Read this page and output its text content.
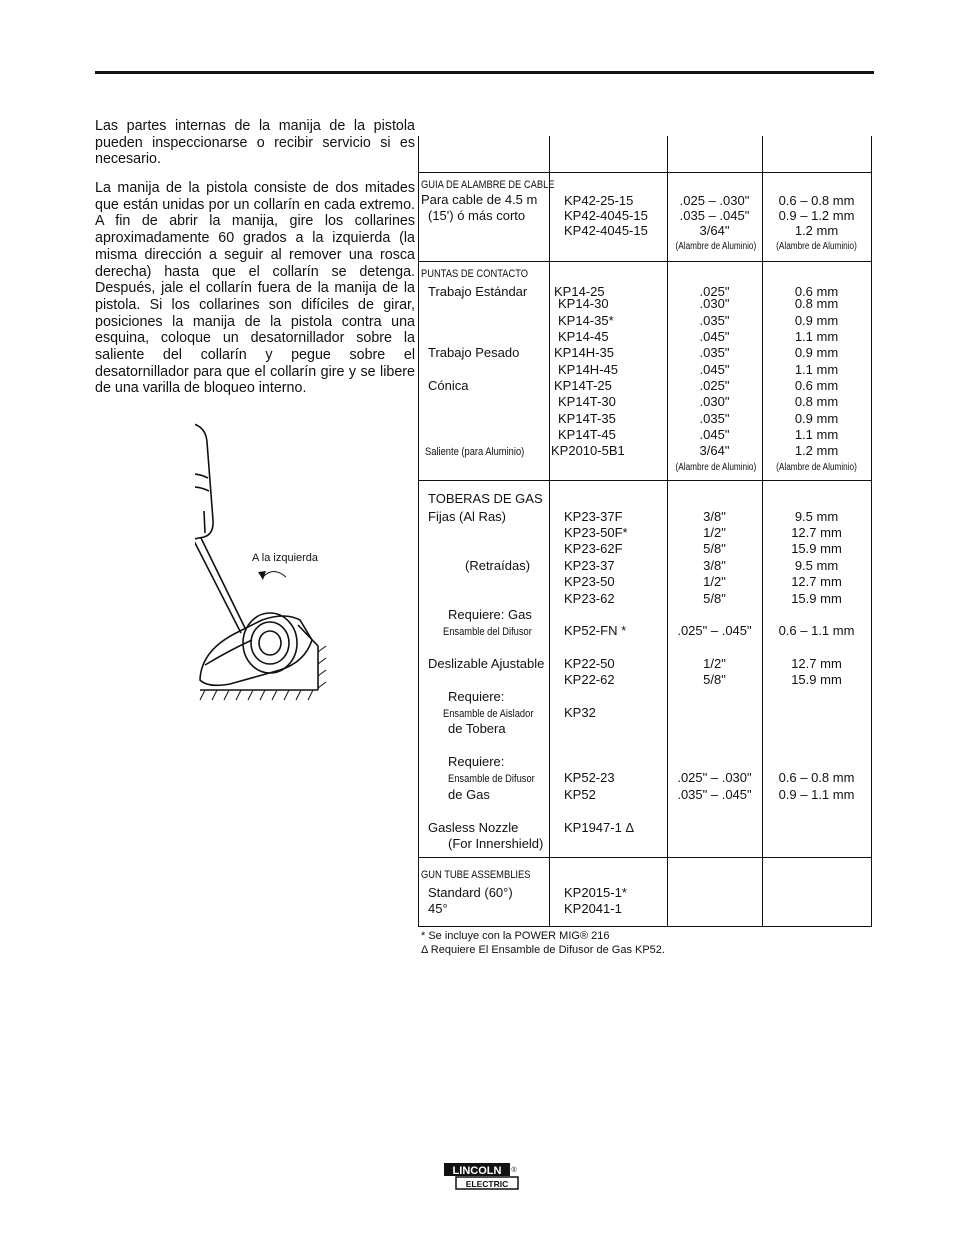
Las partes internas de la manija de la pistola pueden inspeccionarse o recibir servicio si es necesario.

La manija de la pistola consiste de dos mitades que están unidas por un collarín en cada extremo. A fin de abrir la manija, gire los collarines aproximadamente 60 grados a la izquierda (la misma dirección a seguir al remover una rosca derecha) hasta que el collarín se detenga. Después, jale el collarín fuera de la manija de la pistola. Si los collarines son difíciles de girar, posiciones la manija de la pistola contra una esquina, coloque un desatornillador sobre la saliente del collarín y pegue sobre el desatornillador para que el collarín gire y se libere de una varilla de bloqueo interno.

A la izquierda
GUIA DE ALAMBRE DE CABLE
Para cable de 4.5 m
(15') ó más corto
KP42-25-15
KP42-4045-15
KP42-4045-15
.025 – .030"
.035 – .045"
3/64"
(Alambre de Aluminio)
0.6 – 0.8 mm
0.9 – 1.2 mm
1.2 mm
(Alambre de Aluminio)
PUNTAS DE CONTACTO
Trabajo Estándar
Trabajo Pesado
Cónica
Saliente (para Aluminio)
KP14-25
KP14-30
KP14-35*
KP14-45
KP14H-35
KP14H-45
KP14T-25
KP14T-30
KP14T-35
KP14T-45
KP2010-5B1
.025"
.030"
.035"
.045"
.035"
.045"
.025"
.030"
.035"
.045"
3/64"
(Alambre de Aluminio)
0.6 mm
0.8 mm
0.9 mm
1.1 mm
0.9 mm
1.1 mm
0.6 mm
0.8 mm
0.9 mm
1.1 mm
1.2 mm
(Alambre de Aluminio)
TOBERAS DE GAS
Fijas (Al Ras)
(Retraídas)
KP23-37F
KP23-50F*
KP23-62F
KP23-37
KP23-50
KP23-62
3/8"
1/2"
5/8"
3/8"
1/2"
5/8"
9.5 mm
12.7 mm
15.9 mm
9.5 mm
12.7 mm
15.9 mm
Requiere: Gas
Ensamble del Difusor KP52-FN *	.025" – .045"	0.6 – 1.1 mm
Deslizable Ajustable KP22-50
KP22-62
1/2"
5/8"
12.7 mm
15.9 mm
Requiere:
Ensamble de Aislador
de Tobera
KP32
Requiere:
Ensamble de Difusor
de Gas
KP52-23
KP52
.025" – .030"
.035" – .045"
0.6 – 0.8 mm
0.9 – 1.1 mm
Gasless Nozzle
(For Innershield)
KP1947-1 Δ
GUN TUBE ASSEMBLIES
Standard (60°)
45°
KP2015-1*
KP2041-1
* Se incluye con la POWER MIG® 216
Δ Requiere El Ensamble de Difusor de Gas KP52.
LINCOLN ®
ELECTRIC
